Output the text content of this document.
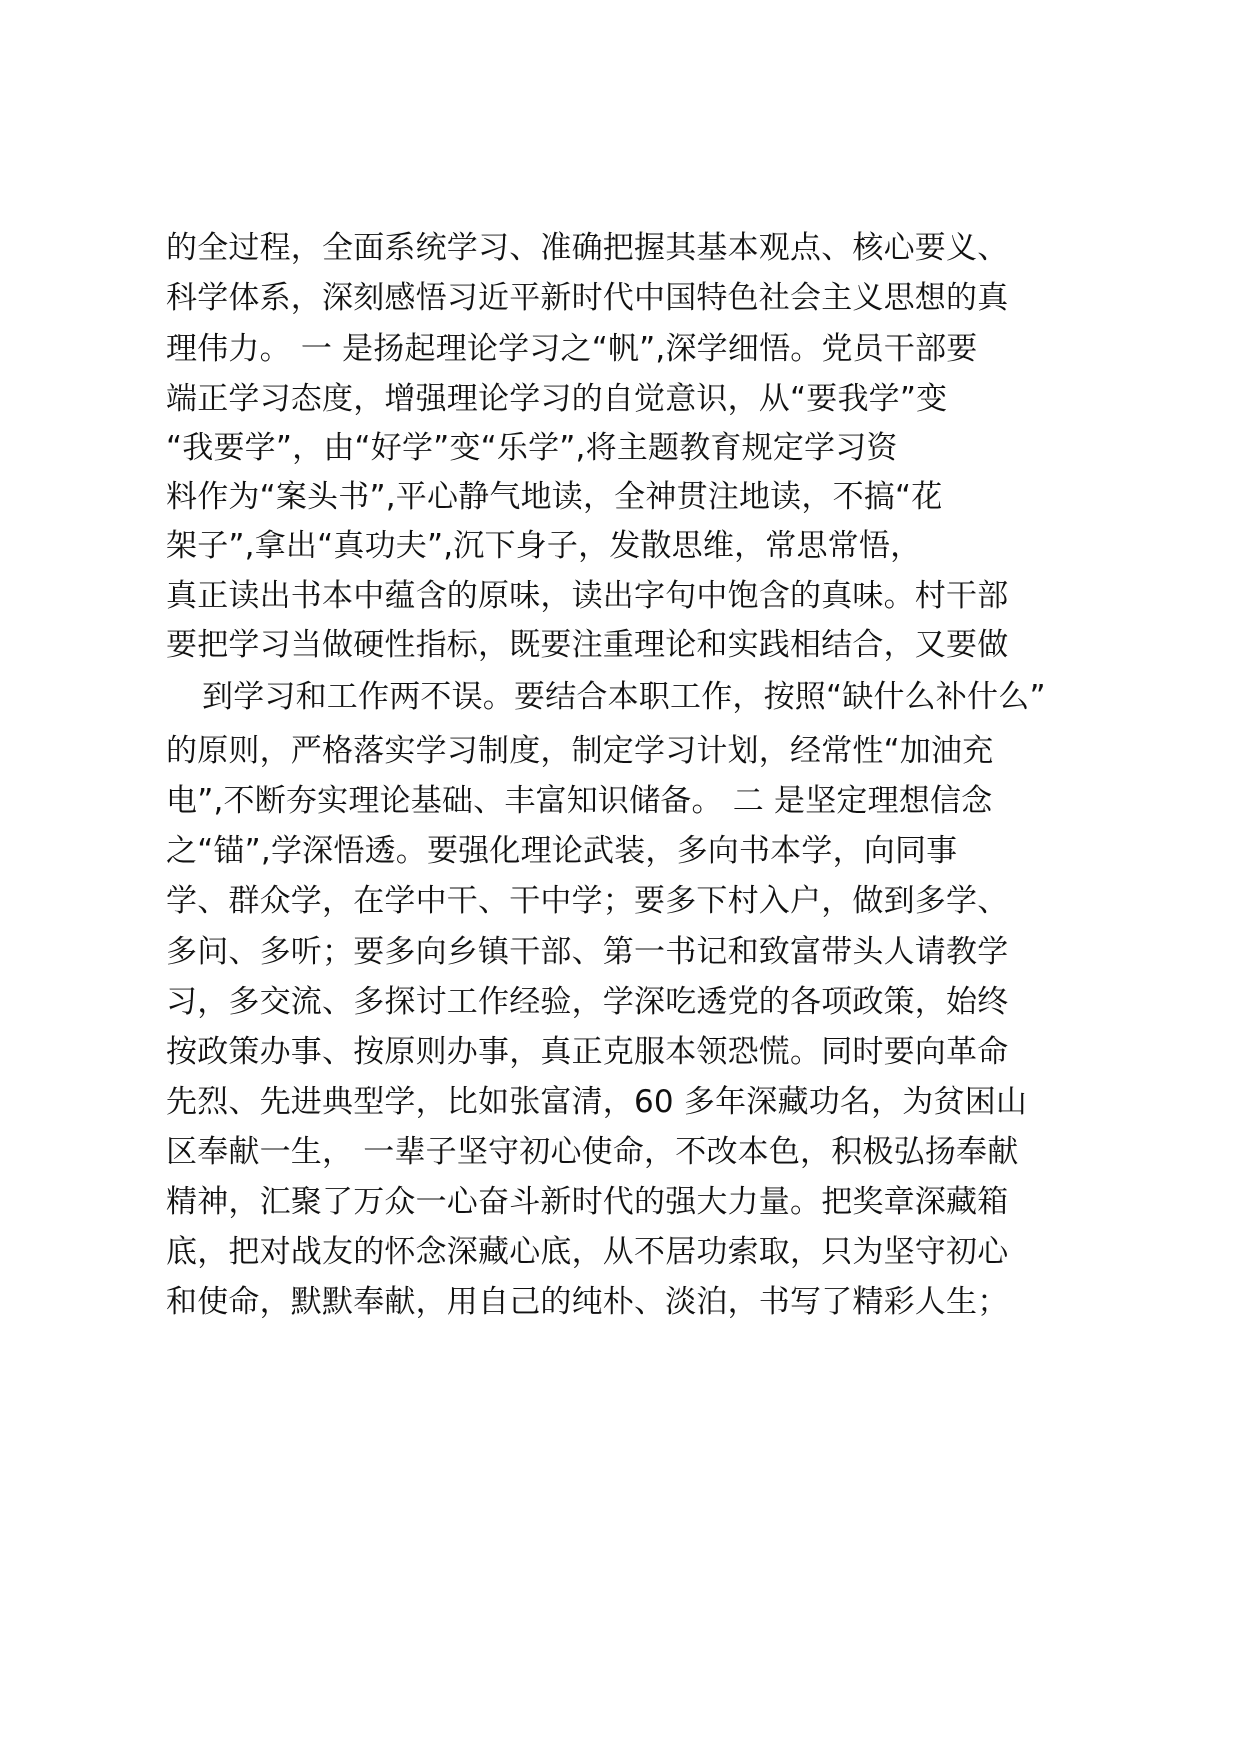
的全过程，全面系统学习、准确把握其基本观点、核心要义、
科学体系，深刻感悟习近平新时代中国特色社会主义思想的真
理伟力。 一 是扬起理论学习之“帆”,深学细悟。党员干部要
端正学习态度，增强理论学习的自觉意识，从“要我学”变
“我要学”，由“好学”变“乐学”,将主题教育规定学习资
料作为“案头书”,平心静气地读，全神贯注地读，不搞“花
架子”,拿出“真功夫”,沉下身子，发散思维，常思常悟，
真正读出书本中蕴含的原味，读出字句中饱含的真味。村干部
要把学习当做硬性指标，既要注重理论和实践相结合，又要做
到学习和工作两不误。要结合本职工作，按照“缺什么补什么”
的原则，严格落实学习制度，制定学习计划，经常性“加油充
电”,不断夯实理论基础、丰富知识储备。 二 是坚定理想信念
之“锚”,学深悟透。要强化理论武装，多向书本学，向同事
学、群众学，在学中干、干中学；要多下村入户，做到多学、
多问、多听；要多向乡镇干部、第一书记和致富带头人请教学
习，多交流、多探讨工作经验，学深吃透党的各项政策，始终
按政策办事、按原则办事，真正克服本领恐慌。同时要向革命
先烈、先进典型学，比如张富清，60 多年深藏功名，为贫困山
区奉献一生， 一辈子坚守初心使命，不改本色，积极弘扬奉献
精神，汇聚了万众一心奋斗新时代的强大力量。把奖章深藏箱
底，把对战友的怀念深藏心底，从不居功索取，只为坚守初心
和使命，默默奉献，用自己的纯朴、淡泊，书写了精彩人生；
